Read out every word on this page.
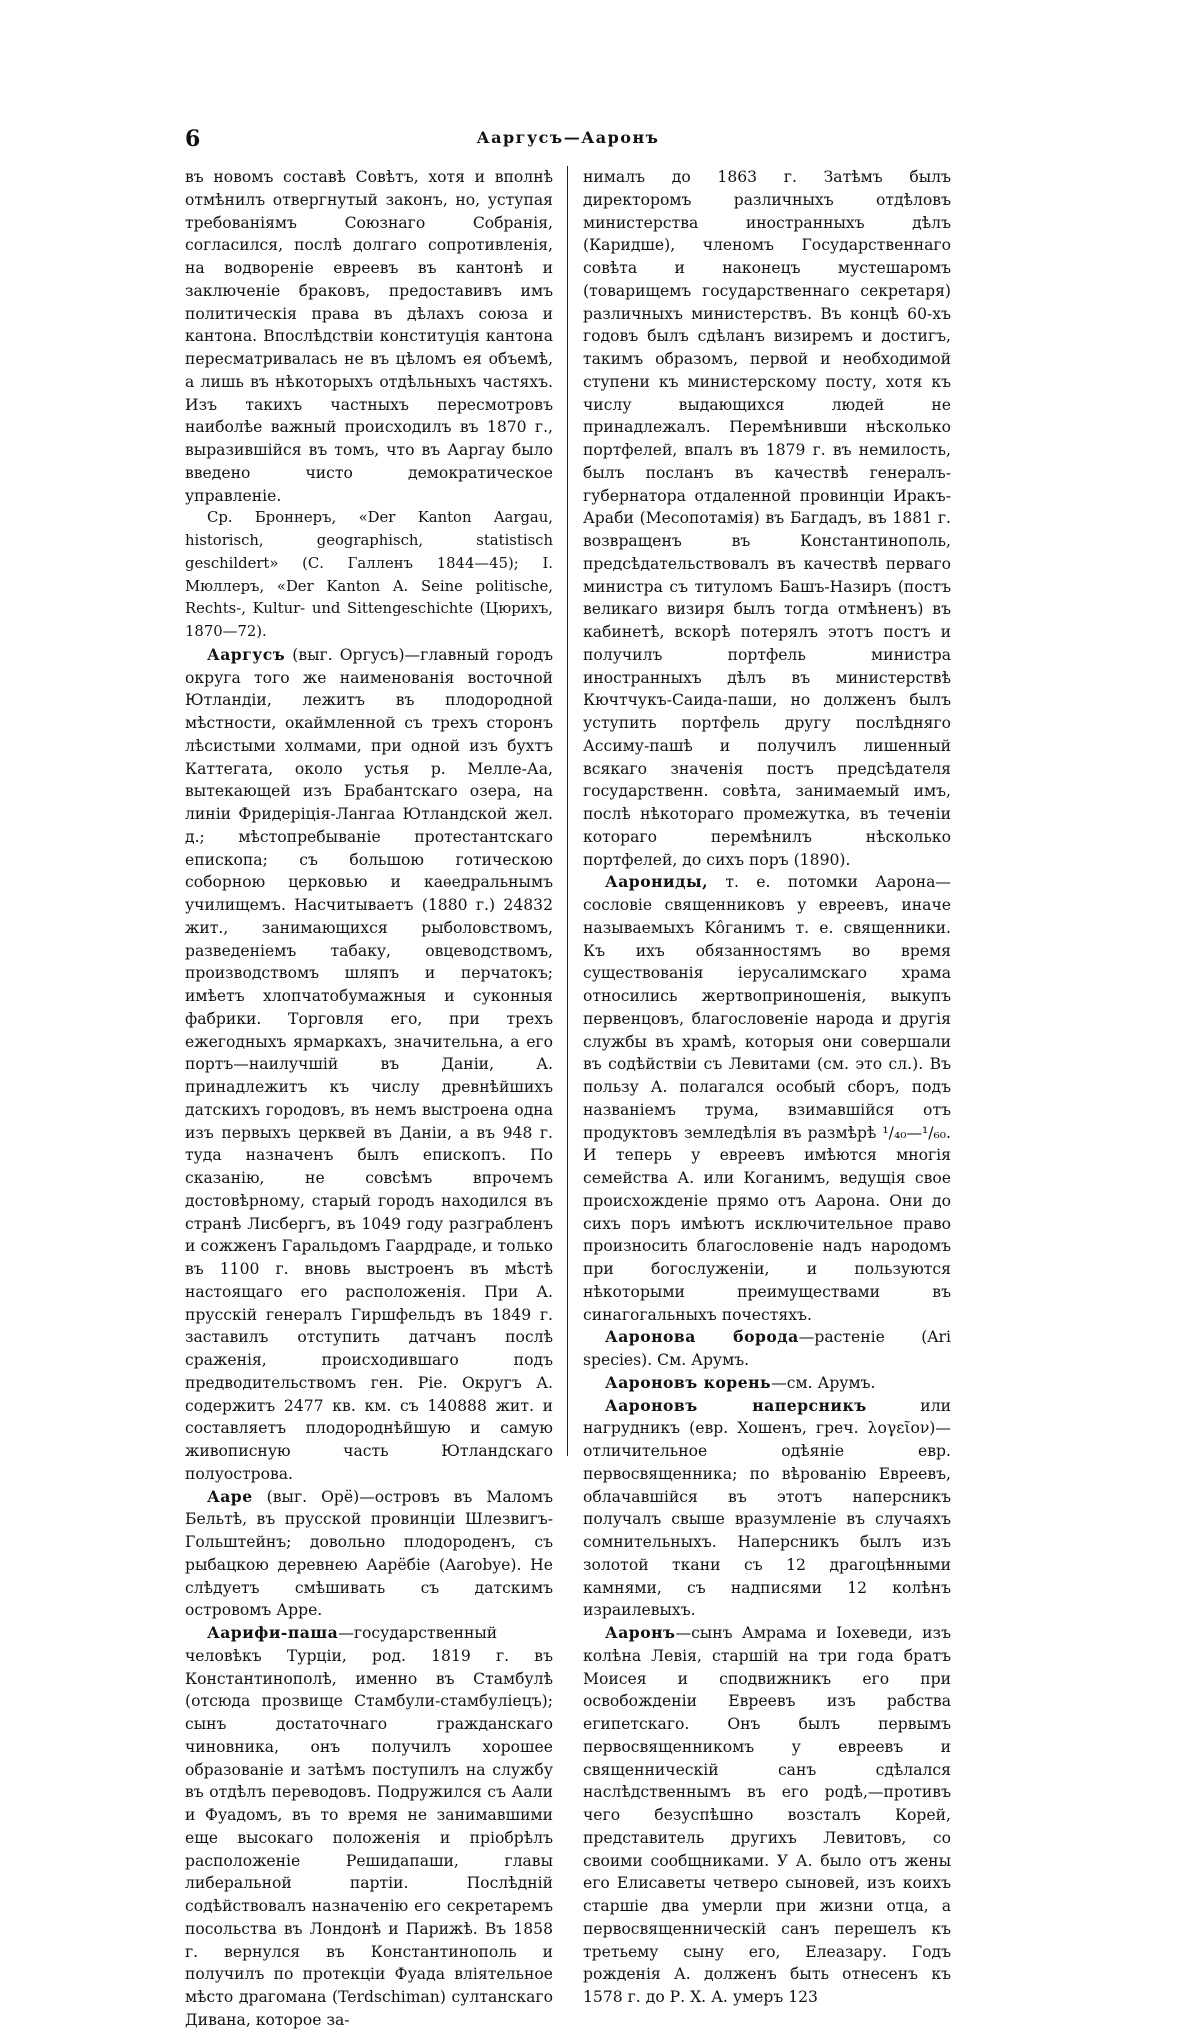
6	Ааргусъ—Ааронъ

въ новомъ составѣ Совѣтъ, хотя и вполнѣ отмѣнилъ отвергнутый законъ, но, уступая требованіямъ Союзнаго Собранія, согласился, послѣ долгаго сопротивленія, на водвореніе евреевъ въ кантонѣ и заключеніе браковъ, предоставивъ имъ политическія права въ дѣлахъ союза и кантона. Впослѣдствіи конституція кантона пересматривалась не въ цѣломъ ея объемѣ, а лишь въ нѣкоторыхъ отдѣльныхъ частяхъ. Изъ такихъ частныхъ пересмотровъ наиболѣе важный происходилъ въ 1870 г., выразившійся въ томъ, что въ Ааргау было введено чисто демократическое управленіе.

Ср. Броннеръ, «Der Kanton Aargau, historisch, geographisch, statistisch geschildert» (С. Галленъ 1844—45); І. Мюллеръ, «Der Kanton A. Seine politische, Rechts-, Kultur- und Sittengeschichte (Цюрихъ, 1870—72).

Ааргусъ (выг. Оргусъ)—главный городъ округа того же наименованія восточной Ютландіи, лежитъ въ плодородной мѣстности, окаймленной съ трехъ сторонъ лѣсистыми холмами, при одной изъ бухтъ Каттегата, около устья р. Мелле-Аа, вытекающей изъ Брабантскаго озера, на линіи Фридерiція-Лангаа Ютландской жел. д.; мѣстопребываніе протестантскаго епископа; съ большою готическою соборною церковью и каѳедральнымъ училищемъ. Насчитываетъ (1880 г.) 24832 жит., занимающихся рыболовствомъ, разведеніемъ табаку, овцеводствомъ, производствомъ шляпъ и перчатокъ; имѣетъ хлопчатобумажныя и суконныя фабрики. Торговля его, при трехъ ежегодныхъ ярмаркахъ, значительна, а его портъ—наилучшій въ Даніи, А. принадлежитъ къ числу древнѣйшихъ датскихъ городовъ, въ немъ выстроена одна изъ первыхъ церквей въ Даніи, а въ 948 г. туда назначенъ былъ епископъ. По сказанію, не совсѣмъ впрочемъ достовѣрному, старый городъ находился въ странѣ Лисбергъ, въ 1049 году разграбленъ и сожженъ Гаральдомъ Гаардраде, и только въ 1100 г. вновь выстроенъ въ мѣстѣ настоящаго его расположенія. При А. прусскій генералъ Гиршфельдъ въ 1849 г. заставилъ отступить датчанъ послѣ сраженія, происходившаго подъ предводительствомъ ген. Ріе. Округъ А. содержитъ 2477 кв. км. съ 140888 жит. и составляетъ плодороднѣйшую и самую живописную часть Ютландскаго полуострова.

Ааре (выг. Орё)—островъ въ Маломъ Бельтѣ, въ прусской провинціи Шлезвигъ-Гольштейнъ; довольно плодороденъ, съ рыбацкою деревнею Аарёбіе (Aarobye). Не слѣдуетъ смѣшивать съ датскимъ островомъ Арре.

Аарифи-паша—государственный человѣкъ Турціи, род. 1819 г. въ Константинополѣ, именно въ Стамбулѣ (отсюда прозвище Стамбули-стамбуліецъ); сынъ достаточнаго гражданскаго чиновника, онъ получилъ хорошее образованіе и затѣмъ поступилъ на службу въ отдѣлъ переводовъ. Подружился съ Аали и Фуадомъ, въ то время не занимавшими еще высокаго положенія и пріобрѣлъ расположеніе Решидапаши, главы либеральной партіи. Послѣдній содѣйствовалъ назначенію его секретаремъ посольства въ Лондонѣ и Парижѣ. Въ 1858 г. вернулся въ Константинополь и получилъ по протекціи Фуада вліятельное мѣсто драгомана (Terdschiman) султанскаго Дивана, которое за-

нималъ до 1863 г. Затѣмъ былъ директоромъ различныхъ отдѣловъ министерства иностранныхъ дѣлъ (Каридше), членомъ Государственнаго совѣта и наконецъ мустешаромъ (товарищемъ государственнаго секретаря) различныхъ министерствъ. Въ концѣ 60-хъ годовъ былъ сдѣланъ визиремъ и достигъ, такимъ образомъ, первой и необходимой ступени къ министерскому посту, хотя къ числу выдающихся людей не принадлежалъ. Перемѣнивши нѣсколько портфелей, впалъ въ 1879 г. въ немилость, былъ посланъ въ качествѣ генералъ-губернатора отдаленной провинціи Иракъ-Араби (Месопотамія) въ Багдадъ, въ 1881 г. возвращенъ въ Константинополь, предсѣдательствовалъ въ качествѣ перваго министра съ титуломъ Башъ-Назиръ (постъ великаго визиря былъ тогда отмѣненъ) въ кабинетѣ, вскорѣ потерялъ этотъ постъ и получилъ портфель министра иностранныхъ дѣлъ въ министерствѣ Кючтчукъ-Саида-паши, но долженъ былъ уступить портфель другу послѣдняго Ассиму-пашѣ и получилъ лишенный всякаго значенія постъ предсѣдателя государственн. совѣта, занимаемый имъ, послѣ нѣкотораго промежутка, въ теченіи котораго перемѣнилъ нѣсколько портфелей, до сихъ поръ (1890).

Аарониды, т. е. потомки Аарона—сословіе священниковъ у евреевъ, иначе называемыхъ Kôганимъ т. е. священники. Къ ихъ обязанностямъ во время существованія іерусалимскаго храма относились жертвоприношенія, выкупъ первенцовъ, благословеніе народа и другія службы въ храмѣ, которыя они совершали въ содѣйствіи съ Левитами (см. это сл.). Въ пользу А. полагался особый сборъ, подъ названіемъ трума, взимавшійся отъ продуктовъ земледѣлія въ размѣрѣ ¹/₄₀—¹/₆₀. И теперь у евреевъ имѣются многія семейства А. или Коганимъ, ведущія свое происхожденіе прямо отъ Аарона. Они до сихъ поръ имѣютъ исключительное право произносить благословеніе надъ народомъ при богослуженіи, и пользуются нѣкоторыми преимуществами въ синагогальныхъ почестяхъ.

Ааронова борода—растеніе (Ari species). См. Арумъ.

Аароновъ корень—см. Арумъ.

Аароновъ наперсникъ или нагрудникъ (евр. Хошенъ, греч. λογεῖον)—отличительное одѣяніе евр. первосвященника; по вѣрованію Евреевъ, облачавшійся въ этотъ наперсникъ получалъ свыше вразумленіе въ случаяхъ сомнительныхъ. Наперсникъ былъ изъ золотой ткани съ 12 драгоцѣнными камнями, съ надписями 12 колѣнъ израилевыхъ.

Ааронъ—сынъ Амрама и Іохеведи, изъ колѣна Левія, старшій на три года братъ Моисея и сподвижникъ его при освобожденіи Евреевъ изъ рабства египетскаго. Онъ былъ первымъ первосвященникомъ у евреевъ и священническій санъ сдѣлался наслѣдственнымъ въ его родѣ,—противъ чего безуспѣшно возсталъ Корей, представитель другихъ Левитовъ, со своими сообщниками. У А. было отъ жены его Елисаветы четверо сыновей, изъ коихъ старшіе два умерли при жизни отца, а первосвященническій санъ перешелъ къ третьему сыну его, Елеазару. Годъ рожденія А. долженъ быть отнесенъ къ 1578 г. до Р. Х. А. умеръ 123
